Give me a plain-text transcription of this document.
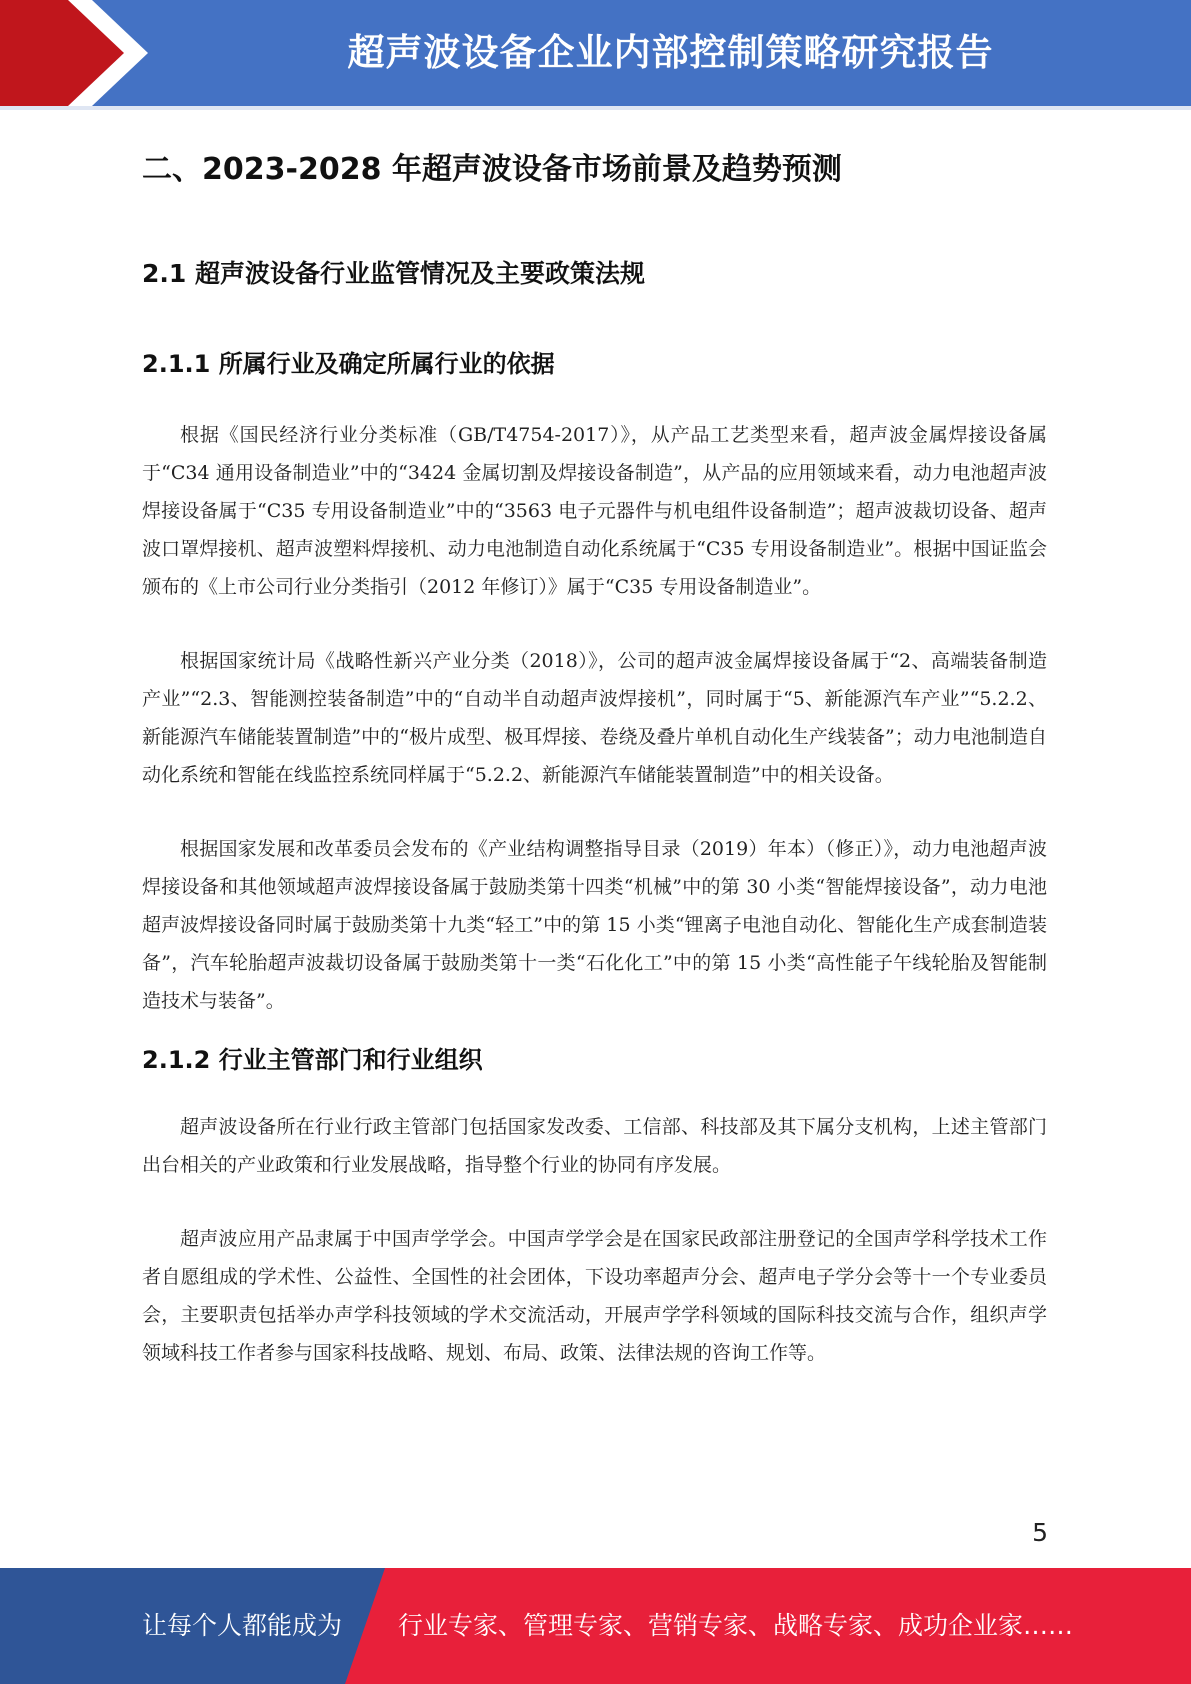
超声波设备企业内部控制策略研究报告
二、2023-2028 年超声波设备市场前景及趋势预测
2.1 超声波设备行业监管情况及主要政策法规
2.1.1 所属行业及确定所属行业的依据

根据《国民经济行业分类标准（GB/T4754-2017）》，从产品工艺类型来看，超声波金属焊接设备属于“C34 通用设备制造业”中的“3424 金属切割及焊接设备制造”，从产品的应用领域来看，动力电池超声波焊接设备属于“C35 专用设备制造业”中的“3563 电子元器件与机电组件设备制造”；超声波裁切设备、超声波口罩焊接机、超声波塑料焊接机、动力电池制造自动化系统属于“C35 专用设备制造业”。根据中国证监会颁布的《上市公司行业分类指引（2012 年修订）》属于“C35 专用设备制造业”。

根据国家统计局《战略性新兴产业分类（2018）》，公司的超声波金属焊接设备属于“2、高端装备制造产业”“2.3、智能测控装备制造”中的“自动半自动超声波焊接机”，同时属于“5、新能源汽车产业”“5.2.2、新能源汽车储能装置制造”中的“极片成型、极耳焊接、卷绕及叠片单机自动化生产线装备”；动力电池制造自动化系统和智能在线监控系统同样属于“5.2.2、新能源汽车储能装置制造”中的相关设备。

根据国家发展和改革委员会发布的《产业结构调整指导目录（2019）年本）（修正）》，动力电池超声波焊接设备和其他领域超声波焊接设备属于鼓励类第十四类“机械”中的第 30 小类“智能焊接设备”，动力电池超声波焊接设备同时属于鼓励类第十九类“轻工”中的第 15 小类“锂离子电池自动化、智能化生产成套制造装备”，汽车轮胎超声波裁切设备属于鼓励类第十一类“石化化工”中的第 15 小类“高性能子午线轮胎及智能制造技术与装备”。

2.1.2 行业主管部门和行业组织

超声波设备所在行业行政主管部门包括国家发改委、工信部、科技部及其下属分支机构，上述主管部门出台相关的产业政策和行业发展战略，指导整个行业的协同有序发展。

超声波应用产品隶属于中国声学学会。中国声学学会是在国家民政部注册登记的全国声学科学技术工作者自愿组成的学术性、公益性、全国性的社会团体，下设功率超声分会、超声电子学分会等十一个专业委员会，主要职责包括举办声学科技领域的学术交流活动，开展声学学科领域的国际科技交流与合作，组织声学领域科技工作者参与国家科技战略、规划、布局、政策、法律法规的咨询工作等。

5
让每个人都能成为 行业专家、管理专家、营销专家、战略专家、成功企业家……
